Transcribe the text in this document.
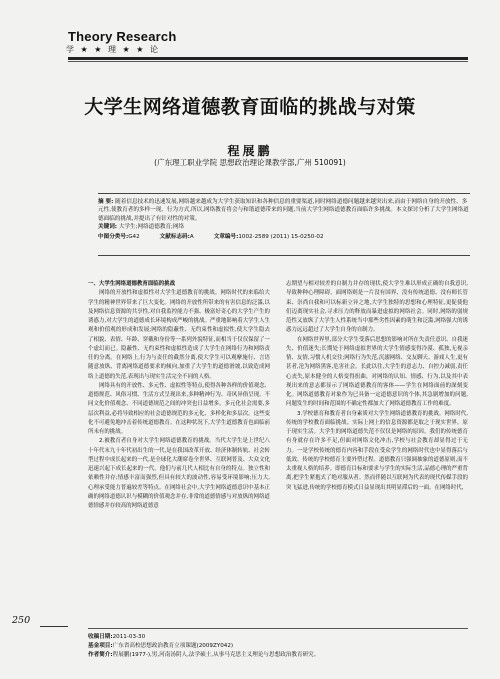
Theory Research
学 ★ ★ 理 ★ ★ 论
大学生网络道德教育面临的挑战与对策
程展鹏
(广东理工职业学院 思想政治理论课教学部,广州 510091)

摘 要: 随着信息技术的迅速发展,网络越来越成为大学生获取知识和各种信息的重要渠道,同时网络道德问题越来越突出来,而由于网络自身的开放性、多元性,使教育者的多样一现、行为方式,所以,网络教育将会与和谐道德带来的问题,当前大学生网络道德教育面临许多挑战。本文探讨分析了大学生网络道德面临的挑战,并提出了有针对性的对策。

关键词: 大学生;网络道德教育;网络

中图分类号:G42	文献标志码:A	文章编号:1002-2589 (2011) 15-0250-02

一、大学生网络道德教育面临的挑战

网络的开放性和虚拟性对大学生道德教育的挑战。网络时代的来临给大学生的精神世界带来了巨大变化。网络的开放性所带来的有害信息的泛滥,以及网络信息资源的共享性,对自我监控能力不强、极富好奇心的大学生产生的诱惑力,对大学生的道德成长环境构成严峻的挑战。严重地影响着大学生人生观和价值观的形成和发展;网络的隐蔽性、无约束性和虚拟性,使大学生隐去了相貌、表情、年龄、穿戴和身份等一系列外貌特征,而相当于仅仅保留了一个虚幻而已。隐蔽性、无约束性和虚拟性造成了大学生在网络行为和网络责任的分离。在网络上,行为与责任的截然分离,使大学生可以观摩施行、言语随意放纵、背离网络道德要求的倾向,加重了大学生的道德滑坡,以致造成网络上道德的失范,表现出与现实生活完全不同的人格。

网络具有的开放性、多元性、虚拟性等特点,使得各种各样的价值观念、道德规范、风俗习惯、生活方式呈现出来,多种精神行为、奇风异俗呈现。不同文化价值观念、不同道德规范之间的冲突也日益增多。多元化社会需要,多层次利益,必将导致相应的社会道德规范的多元化、多样化和多层次。这些变化不可避免地冲击着传统道德教育。在这种状况下,大学生道德教育也面临前所未有的挑战。

2.被教育者自身对大学生网络道德教育的挑战。当代大学生是上世纪八十年代末九十年代初出生的一代,是在我国改革开放、经济体制转轨、社会转型过程中成长起来的一代,是全球化大潮席卷全世界、互联网普及、大众文化迅速兴起下成长起来的一代。他们与前几代人相比有自身的特点。独立性和依赖性并存;情感丰富而强烈,但具有较大的波动性,容易受环境影响;压力大,心理承受能力普遍较差等特点。在网络社会中,大学生网络道德意识中基本正确的网络道德认识与模糊的价值观念并存,非常的道德情感与对放纵的网络道德情感并存较高的网络道德意

志期望与相对较差的自制力并存的现状,使大学生难以形成正确的自我意识,导致种种心理障碍。面网络则是一片没有国界、没有传统道德、没有师长管束、崇尚自我和可以标新立异之地,大学生独特的思想和心理特征,更促使他们迈离现实社会,寻求压力的释放而暴进虚拟的网络社会。同时,网络的弱规范性又放纵了大学生人性系统当中那些劣性因素的萌生和泛滥,网络强大的诱惑力远远超过了大学生自身的自制力。

在网络世界里,部分大学生受落后思想的影响对所在失责任意识、自我迷失、价值迷失;长期处于网络虚拟世界的大学生情感变得冷漠、孤独,无视亲情、友情,习惯人机交往;网络行为失范,沉溺网络、交友聊天、游戏人生,更有甚者,沦为网络黑客,危害社会。长此以往,大学生的意志力、自控力减弱,责任心丧失,原本健全的人格变得扭曲。对网络的认知、情感、行为,以及其中表现出来的意志都显示了网络道德教育的客体——学生在网络面前的深刻变化。网络道德教育对象作为已具备一定道德意识的个体,其急剧增加的问题,问题发生的时间和范围的不确定性都加大了网络道德教育工作的难度。

3.学校德育和教育者自身素质对大学生网络道德教育的挑战。网络时代,传统的学校教育面临挑战。实际上网上的信息资源都是取之于现实世界。原于现实生活。大学生的网络道德失范不仅仅是网络的原因。我们的传统德育有身就存在许多不足,但面对网络文化冲击,学校与社会教育却显得过于无力。一是学校传统的德育内容和手段在受众学生的网络时代也中显得落后与低效。传统的学校德育主要外塑过程。道德教育只强调抽象的道德原则,而不太重视人格的培养。即德育目标和要求与学生的实际生活,品德心理的严重背离,把学生紧抱式了绝对服从者。然而伴随以互联网为代表的现代传媒手段的突飞猛进,传统的学校德育模式日益显现出其明显滞后的一面。在网络时代,

250

收稿日期:2011-03-30

基金项目:广东省高校思想政治教育立项课题(2009ZY042)

作者简介:程展鹏(1977-),男,河南汤阴人,法学硕士,从事马克思主义理论与思想政治教育研究。
